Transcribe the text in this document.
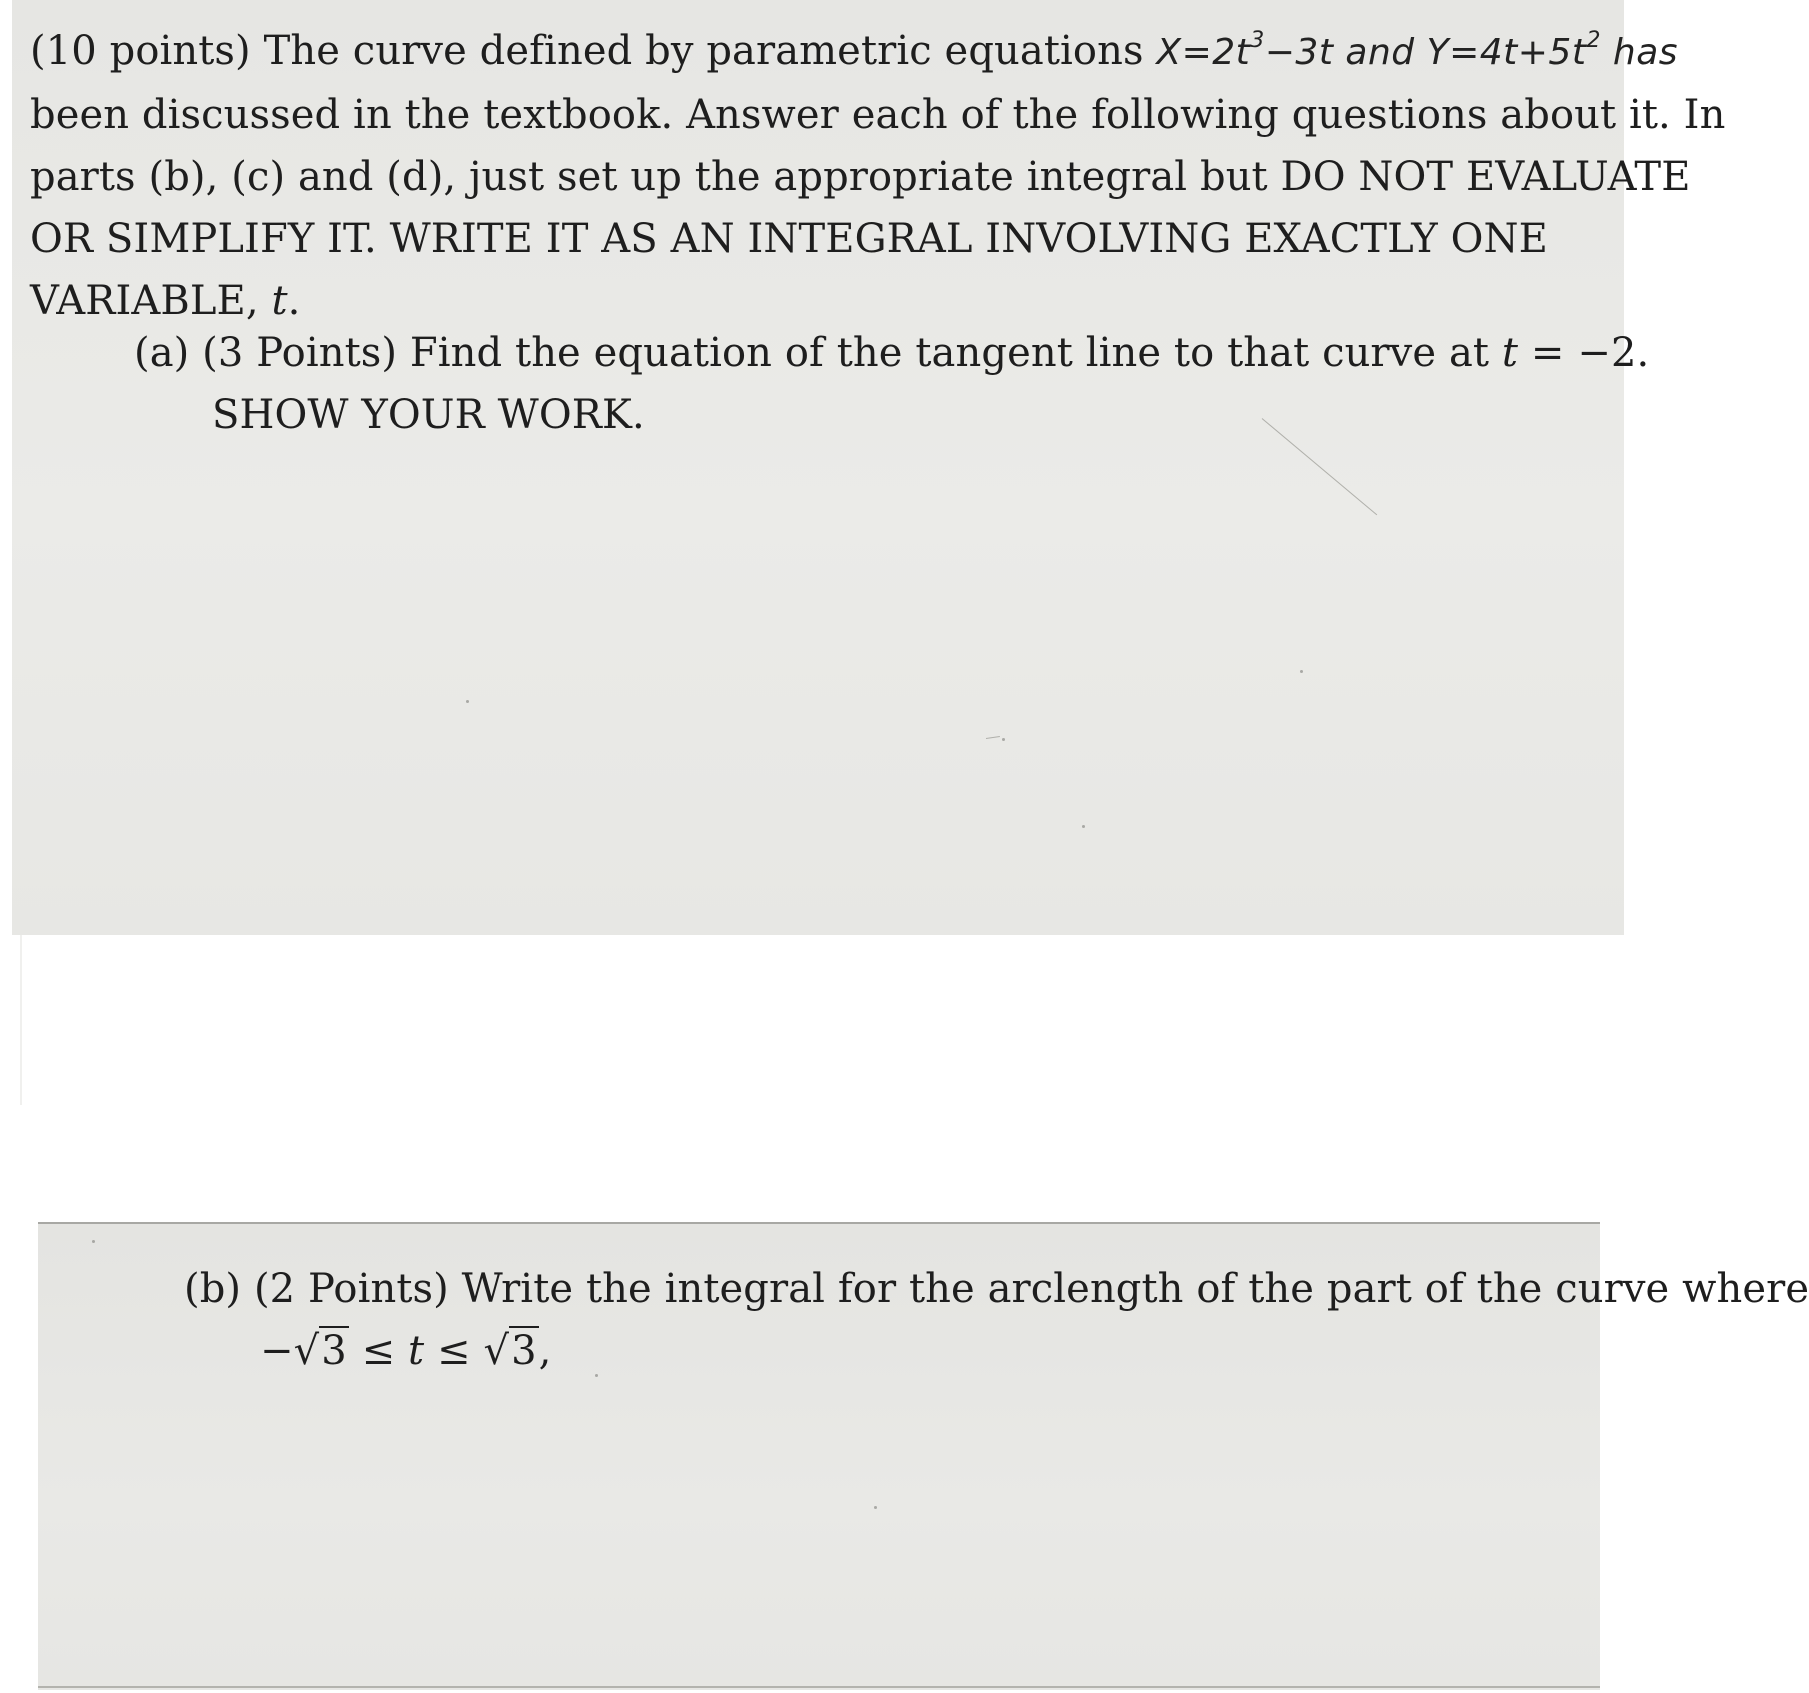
(10 points) The curve defined by parametric equations $X=2t^3-3t$ and $Y=4t+5t^2$ has
been discussed in the textbook. Answer each of the following questions about it. In
parts (b), (c) and (d), just set up the appropriate integral but DO NOT EVALUATE
OR SIMPLIFY IT. WRITE IT AS AN INTEGRAL INVOLVING EXACTLY ONE
VARIABLE, t.
(a) (3 Points) Find the equation of the tangent line to that curve at t = −2.
SHOW YOUR WORK.
(b) (2 Points) Write the integral for the arclength of the part of the curve where
−√3 ≤ t ≤ √3,
